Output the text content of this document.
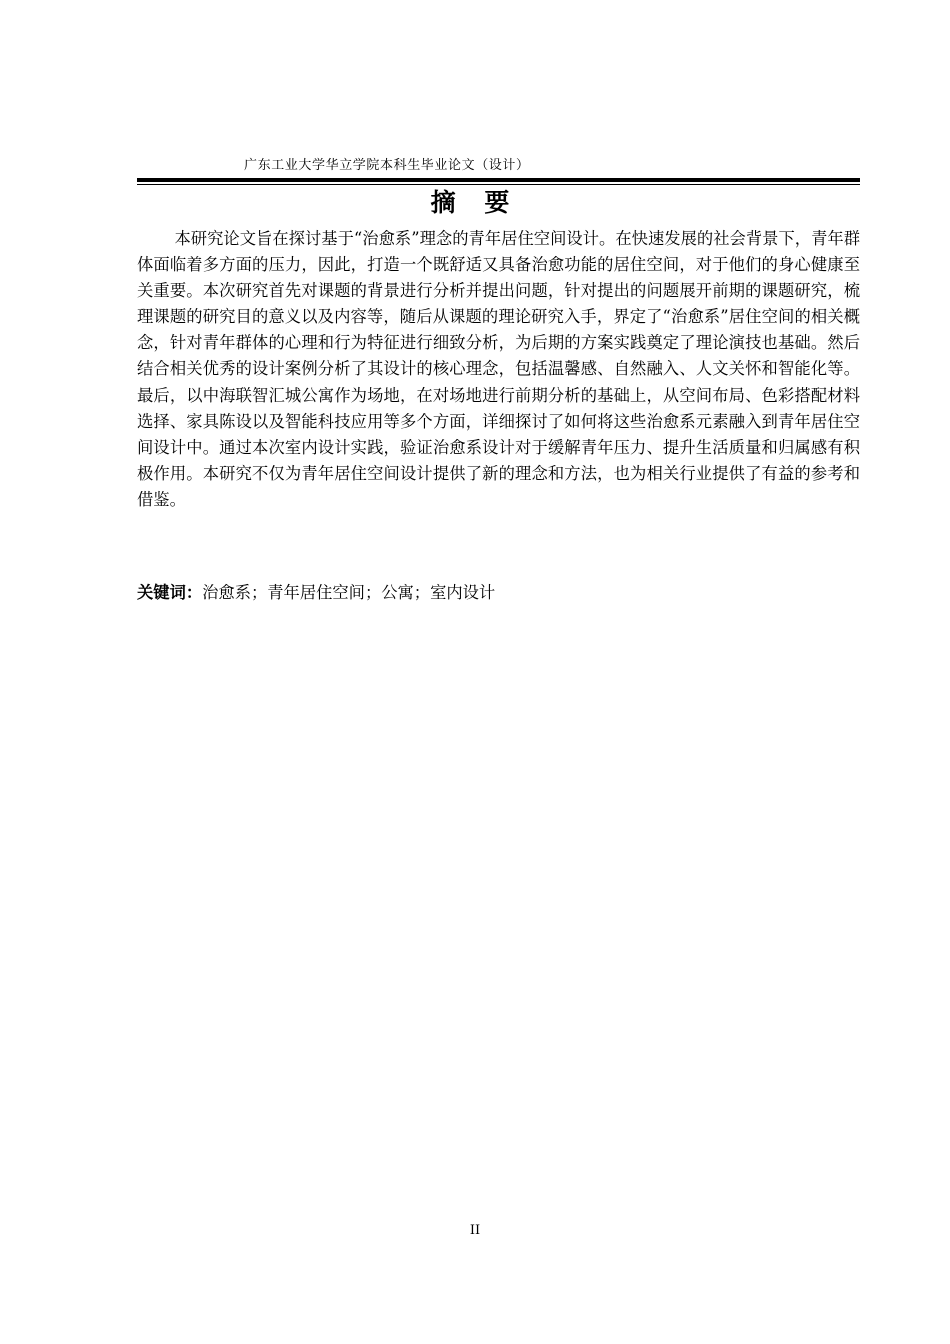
广东工业大学华立学院本科生毕业论文（设计）
摘 要

本研究论文旨在探讨基于“治愈系”理念的青年居住空间设计。在快速发展的社会背景下，青年群体面临着多方面的压力，因此，打造一个既舒适又具备治愈功能的居住空间，对于他们的身心健康至关重要。本次研究首先对课题的背景进行分析并提出问题，针对提出的问题展开前期的课题研究，梳理课题的研究目的意义以及内容等，随后从课题的理论研究入手，界定了“治愈系”居住空间的相关概念，针对青年群体的心理和行为特征进行细致分析，为后期的方案实践奠定了理论演技也基础。然后结合相关优秀的设计案例分析了其设计的核心理念，包括温馨感、自然融入、人文关怀和智能化等。最后，以中海联智汇城公寓作为场地，在对场地进行前期分析的基础上，从空间布局、色彩搭配材料选择、家具陈设以及智能科技应用等多个方面，详细探讨了如何将这些治愈系元素融入到青年居住空间设计中。通过本次室内设计实践，验证治愈系设计对于缓解青年压力、提升生活质量和归属感有积极作用。本研究不仅为青年居住空间设计提供了新的理念和方法，也为相关行业提供了有益的参考和借鉴。

关键词：治愈系；青年居住空间；公寓；室内设计
II
